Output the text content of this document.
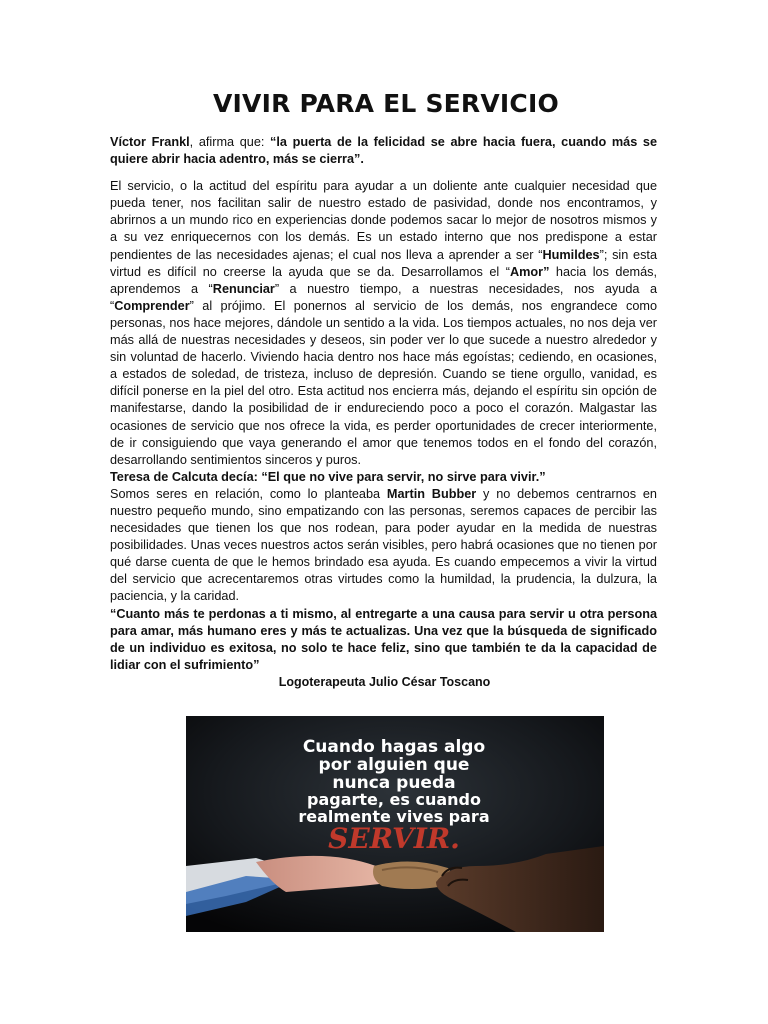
VIVIR PARA EL SERVICIO

Víctor Frankl, afirma que: “la puerta de la felicidad se abre hacia fuera, cuando más se quiere abrir hacia adentro, más se cierra”.

El servicio, o la actitud del espíritu para ayudar a un doliente ante cualquier necesidad que pueda tener, nos facilitan salir de nuestro estado de pasividad, donde nos encontramos, y abrirnos a un mundo rico en experiencias donde podemos sacar lo mejor de nosotros mismos y a su vez enriquecernos con los demás. Es un estado interno que nos predispone a estar pendientes de las necesidades ajenas; el cual nos lleva a aprender a ser “Humildes”; sin esta virtud es difícil no creerse la ayuda que se da. Desarrollamos el “Amor” hacia los demás, aprendemos a “Renunciar” a nuestro tiempo, a nuestras necesidades, nos ayuda a “Comprender” al prójimo. El ponernos al servicio de los demás, nos engrandece como personas, nos hace mejores, dándole un sentido a la vida. Los tiempos actuales, no nos deja ver más allá de nuestras necesidades y deseos, sin poder ver lo que sucede a nuestro alrededor y sin voluntad de hacerlo. Viviendo hacia dentro nos hace más egoístas; cediendo, en ocasiones, a estados de soledad, de tristeza, incluso de depresión. Cuando se tiene orgullo, vanidad, es difícil ponerse en la piel del otro. Esta actitud nos encierra más, dejando el espíritu sin opción de manifestarse, dando la posibilidad de ir endureciendo poco a poco el corazón. Malgastar las ocasiones de servicio que nos ofrece la vida, es perder oportunidades de crecer interiormente, de ir consiguiendo que vaya generando el amor que tenemos todos en el fondo del corazón, desarrollando sentimientos sinceros y puros.

Teresa de Calcuta decía: “El que no vive para servir, no sirve para vivir.”

Somos seres en relación, como lo planteaba Martin Bubber y no debemos centrarnos en nuestro pequeño mundo, sino empatizando con las personas, seremos capaces de percibir las necesidades que tienen los que nos rodean, para poder ayudar en la medida de nuestras posibilidades. Unas veces nuestros actos serán visibles, pero habrá ocasiones que no tienen por qué darse cuenta de que le hemos brindado esa ayuda. Es cuando empecemos a vivir la virtud del servicio que acrecentaremos otras virtudes como la humildad, la prudencia, la dulzura, la paciencia, y la caridad.

“Cuanto más te perdonas a ti mismo, al entregarte a una causa para servir u otra persona para amar, más humano eres y más te actualizas. Una vez que la búsqueda de significado de un individuo es exitosa, no solo te hace feliz, sino que también te da la capacidad de lidiar con el sufrimiento”

Logoterapeuta Julio César Toscano

Cuando hagas algo
por alguien que
nunca pueda
pagarte, es cuando
realmente vives para
SERVIR.
